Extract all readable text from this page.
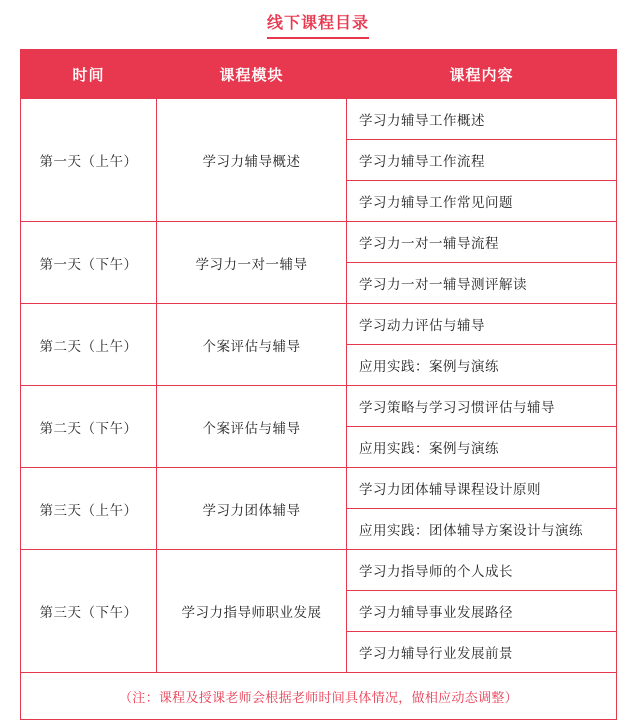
线下课程目录
时间	课程模块	课程内容
第一天（上午）	学习力辅导概述	学习力辅导工作概述
		学习力辅导工作流程
		学习力辅导工作常见问题
第一天（下午）	学习力一对一辅导	学习力一对一辅导流程
		学习力一对一辅导测评解读
第二天（上午）	个案评估与辅导	学习动力评估与辅导
		应用实践：案例与演练
第二天（下午）	个案评估与辅导	学习策略与学习习惯评估与辅导
		应用实践：案例与演练
第三天（上午）	学习力团体辅导	学习力团体辅导课程设计原则
		应用实践：团体辅导方案设计与演练
第三天（下午）	学习力指导师职业发展	学习力指导师的个人成长
		学习力辅导事业发展路径
		学习力辅导行业发展前景
（注：课程及授课老师会根据老师时间具体情况，做相应动态调整）		
